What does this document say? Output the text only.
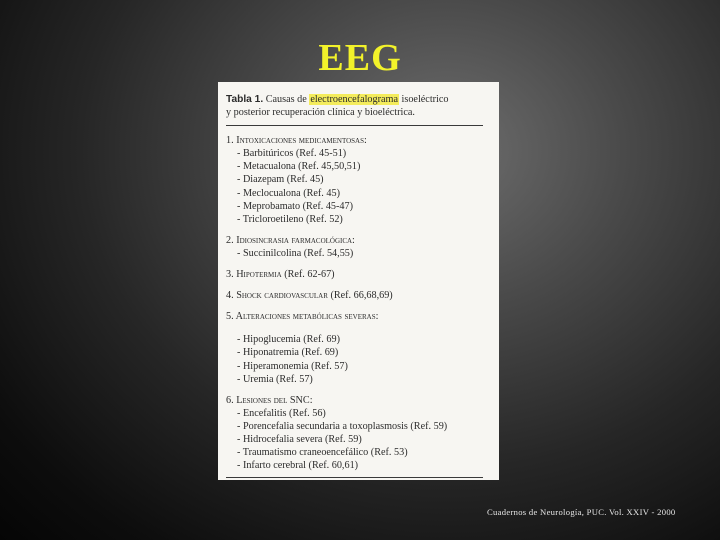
EEG

Tabla 1. Causas de electroencefalograma isoeléctrico
y posterior recuperación clínica y bioeléctrica.

1. Intoxicaciones medicamentosas:
- Barbitúricos (Ref. 45-51)
- Metacualona (Ref. 45,50,51)
- Diazepam (Ref. 45)
- Meclocualona (Ref. 45)
- Meprobamato (Ref. 45-47)
- Tricloroetileno (Ref. 52)
2. Idiosincrasia farmacológica:
- Succinilcolina (Ref. 54,55)
3. Hipotermia (Ref. 62-67)
4. Shock cardiovascular (Ref. 66,68,69)
5. Alteraciones metabólicas severas:
- Hipoglucemia (Ref. 69)
- Hiponatremia (Ref. 69)
- Hiperamonemia (Ref. 57)
- Uremia (Ref. 57)
6. Lesiones del SNC:
- Encefalitis (Ref. 56)
- Porencefalia secundaria a toxoplasmosis (Ref. 59)
- Hidrocefalia severa (Ref. 59)
- Traumatismo craneoencefálico (Ref. 53)
- Infarto cerebral (Ref. 60,61)
Cuadernos de Neurología, PUC. Vol. XXIV - 2000
